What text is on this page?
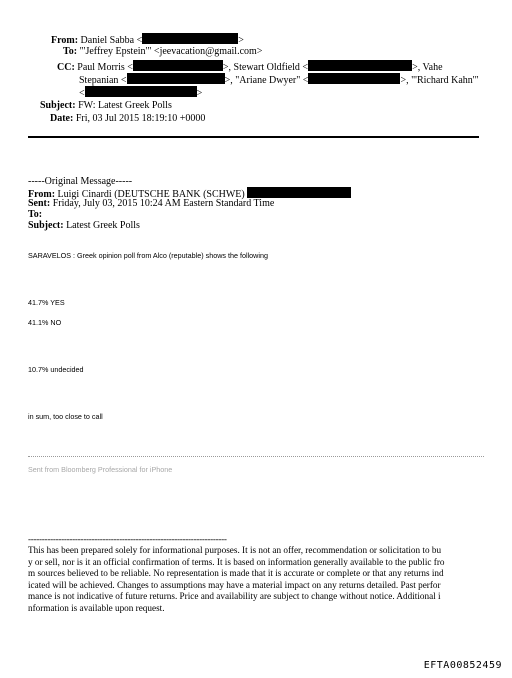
From: Daniel Sabba <	>
To: "'Jeffrey Epstein'" <jeevacation@gmail.com>
CC: Paul Morris <	>, Stewart Oldfield <	>, Vahe
Stepanian <	>, "Ariane Dwyer" <	>, "'Richard Kahn'"
<	>
Subject: FW: Latest Greek Polls
Date: Fri, 03 Jul 2015 18:19:10 +0000
-----Original Message-----
From: Luigi Cinardi (DEUTSCHE BANK (SCHWE)
Sent: Friday, July 03, 2015 10:24 AM Eastern Standard Time
To:
Subject: Latest Greek Polls
SARAVELOS : Greek opinion poll from Alco (reputable) shows the following
41.7% YES
41.1% NO
10.7% undecided
in sum, too close to call
Sent from Bloomberg Professional for iPhone
------------------------------------------------------------------------
This has been prepared solely for informational purposes. It is not an offer, recommendation or solicitation to bu
y or sell, nor is it an official confirmation of terms. It is based on information generally available to the public fro
m sources believed to be reliable. No representation is made that it is accurate or complete or that any returns ind
icated will be achieved. Changes to assumptions may have a material impact on any returns detailed. Past perfor
mance is not indicative of future returns. Price and availability are subject to change without notice. Additional i
nformation is available upon request.
EFTA00852459
